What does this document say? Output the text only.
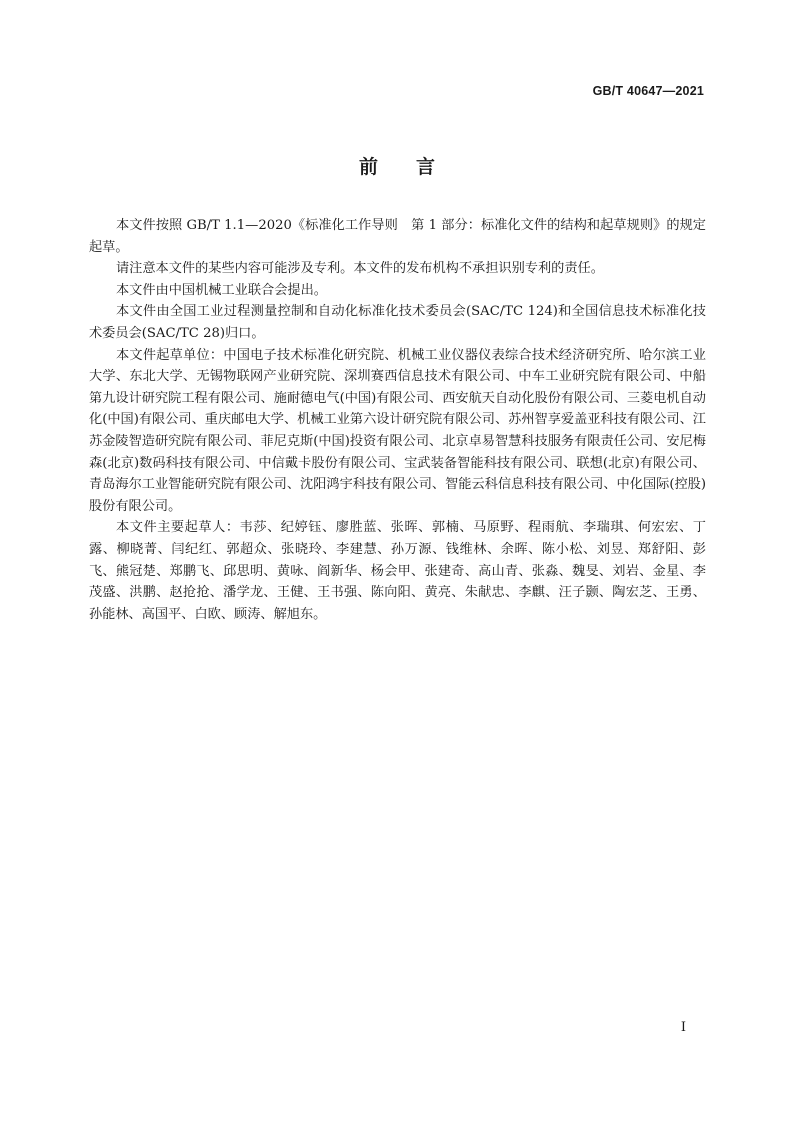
GB/T 40647—2021
前 言

本文件按照 GB/T 1.1—2020《标准化工作导则　第 1 部分：标准化文件的结构和起草规则》的规定起草。

请注意本文件的某些内容可能涉及专利。本文件的发布机构不承担识别专利的责任。

本文件由中国机械工业联合会提出。

本文件由全国工业过程测量控制和自动化标准化技术委员会(SAC/TC 124)和全国信息技术标准化技术委员会(SAC/TC 28)归口。

本文件起草单位：中国电子技术标准化研究院、机械工业仪器仪表综合技术经济研究所、哈尔滨工业大学、东北大学、无锡物联网产业研究院、深圳赛西信息技术有限公司、中车工业研究院有限公司、中船第九设计研究院工程有限公司、施耐德电气(中国)有限公司、西安航天自动化股份有限公司、三菱电机自动化(中国)有限公司、重庆邮电大学、机械工业第六设计研究院有限公司、苏州智享爱盖亚科技有限公司、江苏金陵智造研究院有限公司、菲尼克斯(中国)投资有限公司、北京卓易智慧科技服务有限责任公司、安尼梅森(北京)数码科技有限公司、中信戴卡股份有限公司、宝武装备智能科技有限公司、联想(北京)有限公司、青岛海尔工业智能研究院有限公司、沈阳鸿宇科技有限公司、智能云科信息科技有限公司、中化国际(控股)股份有限公司。

本文件主要起草人：韦莎、纪婷钰、廖胜蓝、张晖、郭楠、马原野、程雨航、李瑞琪、何宏宏、丁露、柳晓菁、闫纪红、郭超众、张晓玲、李建慧、孙万源、钱维林、余晖、陈小松、刘昱、郑舒阳、彭飞、熊冠楚、郑鹏飞、邱思明、黄咏、阎新华、杨会甲、张建奇、高山青、张淼、魏旻、刘岩、金星、李茂盛、洪鹏、赵抢抢、潘学龙、王健、王书强、陈向阳、黄亮、朱献忠、李麒、汪子颢、陶宏芝、王勇、孙能林、高国平、白欧、顾涛、解旭东。

I
